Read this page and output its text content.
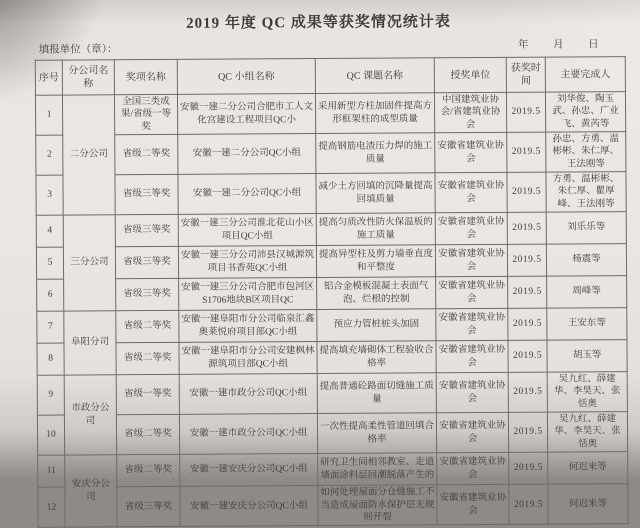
2019 年度 QC 成果等获奖情况统计表
填报单位（章）：	年 月 日
序号	分公司名称	奖项名称	QC 小组名称	QC 课题名称	授奖单位	获奖时间	主要完成人
1	二分公司	全国三类成果/省级一等奖	安徽一建二分公司合肥市工人文化宫建设工程项目QC小	采用新型方柱加固件提高方形框架柱的成型质量	中国建筑业协会/省建筑业协会	2019.5	刘华俊、陶玉武、孙忠、广业飞、黄芮等
2		省级二等奖	安徽一建二分公司QC小组	提高钢筋电渣压力焊的施工质量	安徽省建筑业协会	2019.5	孙忠、方勇、温彬彬、朱仁厚、王法刚等
3		省级三等奖	安徽一建二分公司QC小组	减少土方回填的沉降量提高回填质量	安徽省建筑业协会	2019.5	方勇、温彬彬、朱仁厚、瞿厚峰、王法刚等
4	三分公司	省级三等奖	安徽一建三分公司淮北花山小区项目QC小组	提高匀质改性防火保温板的施工质量	安徽省建筑业协会	2019.5	刘乐乐等
5		省级三等奖	安徽一建三分公司沛县汉城源筑项目书香苑QC小组	提高异型柱及剪力墙垂直度和平整度	安徽省建筑业协会	2019.5	杨震等
6		省级三等奖	安徽一建三分公司合肥市包河区S1706地块B区项目QC	铝合金模板混凝土表面气泡、烂根的控制	安徽省建筑业协会	2019.5	周峰等
7	阜阳分司	省级二等奖	安徽一建阜阳市分公司临泉汇鑫奥莱悦府项目部QC小组	预应力管桩桩头加固	安徽省建筑业协会	2019.5	王安东等
8		省级二等奖	安徽一建阜阳市分公司安建枫林源筑项目部QC小组	提高填充墙砌体工程验收合格率	安徽省建筑业协会	2019.5	胡玉等
9	市政分公司	省级一等奖	安徽一建市政分公司QC小组	提高普通砼路面切缝施工质量	安徽省建筑业协会	2019.5	吴九红、薛建华、李昊天、张恬奥
10		省级二等奖	安徽一建市政分公司QC小组	一次性提高柔性管道回填合格率	安徽省建筑业协会	2019.5	吴九红、薛建华、李昊天、张恬奥
11	安庆分公司	省级二等奖	安徽一建安庆分公司QC小组	研究卫生间相邻教室、走道墙面涂料层回潮脱落产生的	安徽省建筑业协会	2019.5	何迟来等
12		省级三等奖	安徽一建安庆分公司QC小组	如何处理屋面分仓缝施工不当造成屋面防水保护层无规则开裂	安徽省建筑业协会	2019.5	何迟来等
